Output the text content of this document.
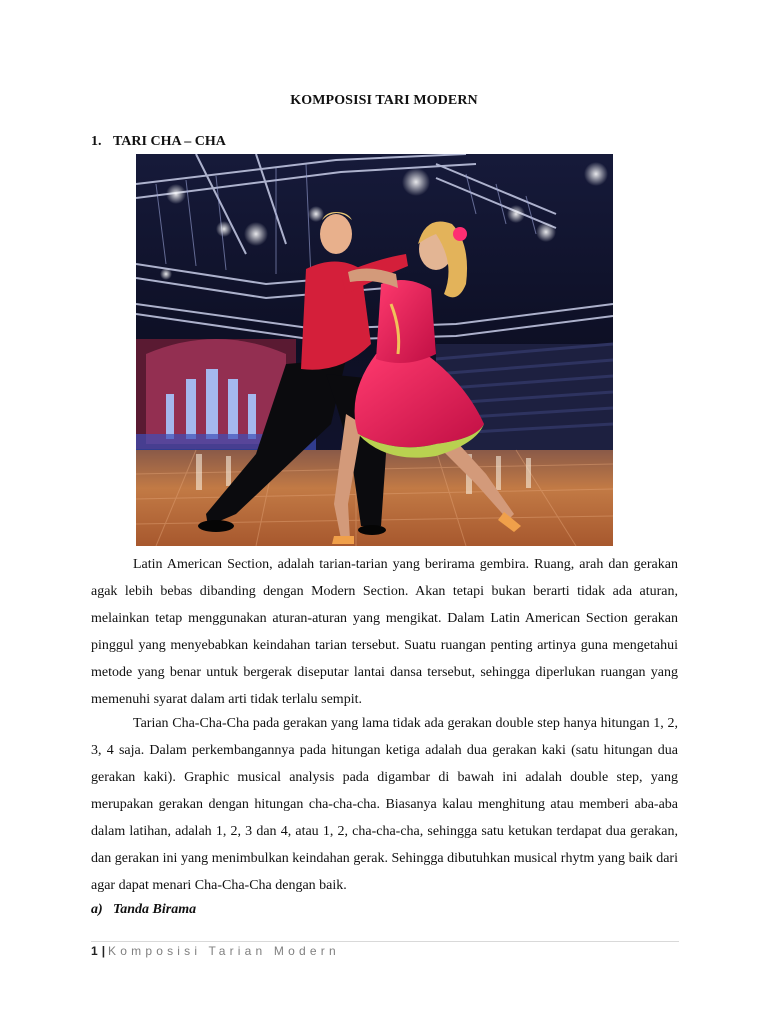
KOMPOSISI TARI MODERN
1. TARI CHA – CHA

Latin American Section, adalah tarian-tarian yang berirama gembira. Ruang, arah dan gerakan agak lebih bebas dibanding dengan Modern Section. Akan tetapi bukan berarti tidak ada aturan, melainkan tetap menggunakan aturan-aturan yang mengikat. Dalam Latin American Section gerakan pinggul yang menyebabkan keindahan tarian tersebut. Suatu ruangan penting artinya guna mengetahui metode yang benar untuk bergerak diseputar lantai dansa tersebut, sehingga diperlukan ruangan yang memenuhi syarat dalam arti tidak terlalu sempit.

Tarian Cha-Cha-Cha pada gerakan yang lama tidak ada gerakan double step hanya hitungan 1, 2, 3, 4 saja. Dalam perkembangannya pada hitungan ketiga adalah dua gerakan kaki (satu hitungan dua gerakan kaki). Graphic musical analysis pada digambar di bawah ini adalah double step, yang merupakan gerakan dengan hitungan cha-cha-cha. Biasanya kalau menghitung atau memberi aba-aba dalam latihan, adalah 1, 2, 3 dan 4, atau 1, 2, cha-cha-cha, sehingga satu ketukan terdapat dua gerakan, dan gerakan ini yang menimbulkan keindahan gerak. Sehingga dibutuhkan musical rhytm yang baik dari agar dapat menari Cha-Cha-Cha dengan baik.

a) Tanda Birama
1 | Komposisi Tarian Modern
